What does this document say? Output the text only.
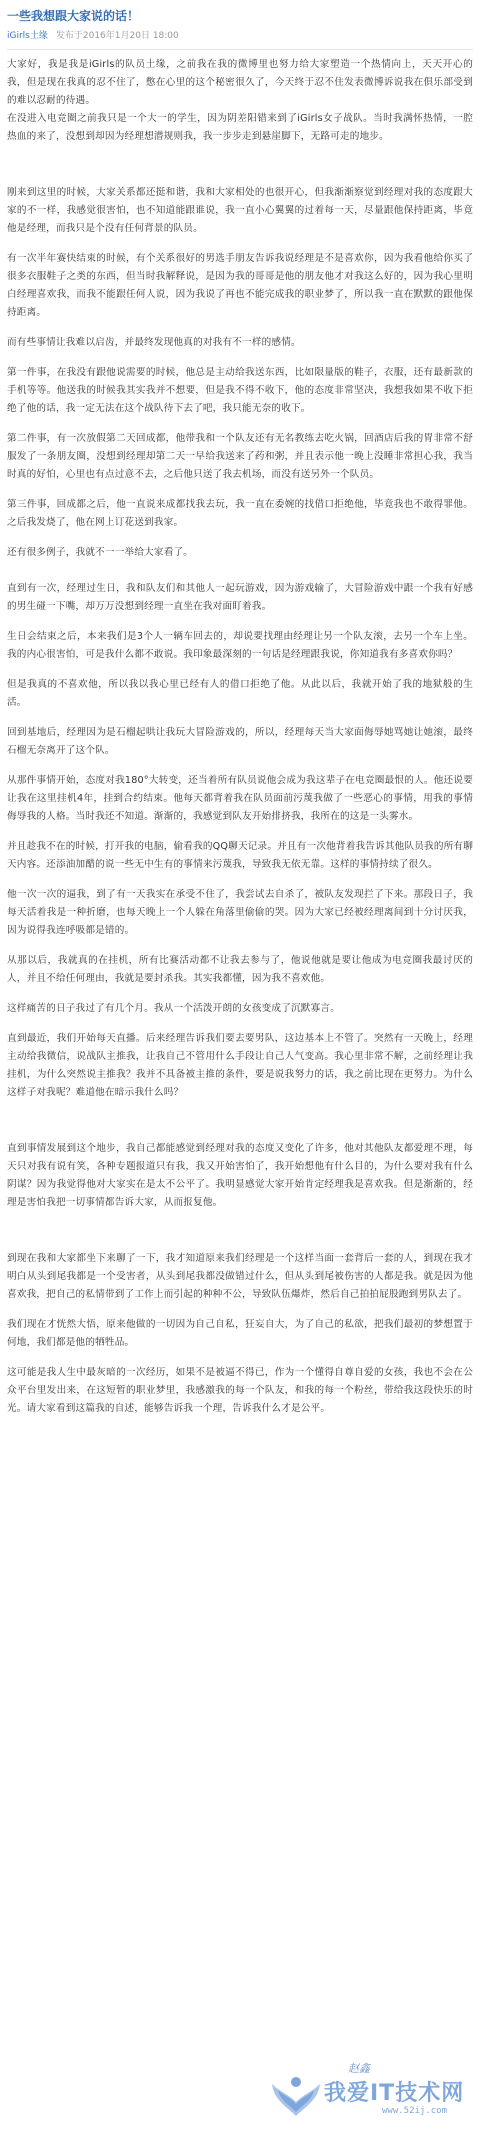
一些我想跟大家说的话！
iGirls土缘 发布于2016年1月20日 18:00

大家好，我是我是iGirls的队员土缘，之前我在我的微博里也努力给大家塑造一个热情向上，天天开心的我，但是现在我真的忍不住了，憋在心里的这个秘密很久了，今天终于忍不住发表微博诉说我在俱乐部受到的难以忍耐的待遇。

在没进入电竞圈之前我只是一个大一的学生，因为阴差阳错来到了iGirls女子战队。当时我满怀热情，一腔热血的来了，没想到却因为经理想潜规则我，我一步步走到悬崖脚下，无路可走的地步。

刚来到这里的时候，大家关系都还挺和谐，我和大家相处的也很开心，但我渐渐察觉到经理对我的态度跟大家的不一样，我感觉很害怕，也不知道能跟谁说，我一直小心翼翼的过着每一天，尽量跟他保持距离，毕竟他是经理，而我只是个没有任何背景的队员。

有一次半年赛快结束的时候，有个关系很好的男选手朋友告诉我说经理是不是喜欢你，因为我看他给你买了很多衣服鞋子之类的东西，但当时我解释说，是因为我的哥哥是他的朋友他才对我这么好的，因为我心里明白经理喜欢我，而我不能跟任何人说，因为我说了再也不能完成我的职业梦了，所以我一直在默默的跟他保持距离。

而有些事情让我难以启齿，并最终发现他真的对我有不一样的感情。

第一件事，在我没有跟他说需要的时候，他总是主动给我送东西，比如限量版的鞋子，衣服，还有最新款的手机等等。他送我的时候我其实我并不想要，但是我不得不收下，他的态度非常坚决，我想我如果不收下拒绝了他的话，我一定无法在这个战队待下去了吧，我只能无奈的收下。

第二件事，有一次放假第二天回成都，他带我和一个队友还有无名教练去吃火锅，回酒店后我的胃非常不舒服发了一条朋友圈，没想到经理却第二天一早给我送来了药和粥，并且表示他一晚上没睡非常担心我，我当时真的好怕，心里也有点过意不去，之后他只送了我去机场，而没有送另外一个队员。

第三件事，回成都之后，他一直说来成都找我去玩，我一直在委婉的找借口拒绝他，毕竟我也不敢得罪他。之后我发烧了，他在网上订花送到我家。

还有很多例子，我就不一一举给大家看了。

直到有一次，经理过生日，我和队友们和其他人一起玩游戏，因为游戏输了，大冒险游戏中跟一个我有好感的男生碰一下嘴，却万万没想到经理一直坐在我对面盯着我。

生日会结束之后，本来我们是3个人一辆车回去的，却说要找理由经理让另一个队友滚，去另一个车上坐。我的内心很害怕，可是我什么都不敢说。我印象最深刻的一句话是经理跟我说，你知道我有多喜欢你吗？

但是我真的不喜欢他，所以我以我心里已经有人的借口拒绝了他。从此以后，我就开始了我的地狱般的生活。

回到基地后，经理因为是石榴起哄让我玩大冒险游戏的，所以，经理每天当大家面侮辱她骂她让她滚，最终石榴无奈离开了这个队。

从那件事情开始，态度对我180°大转变，还当着所有队员说他会成为我这辈子在电竞圈最恨的人。他还说要让我在这里挂机4年，挂到合约结束。他每天都背着我在队员面前污蔑我做了一些恶心的事情，用我的事情侮辱我的人格。当时我还不知道。渐渐的，我感觉到队友开始排挤我，我所在的这是一头雾水。

并且趁我不在的时候，打开我的电脑，偷看我的QQ聊天记录。并且有一次他背着我告诉其他队员我的所有聊天内容。还添油加醋的说一些无中生有的事情来污蔑我，导致我无依无靠。这样的事情持续了很久。

他一次一次的逼我，到了有一天我实在承受不住了，我尝试去自杀了，被队友发现拦了下来。那段日子，我每天活着我是一种折磨，也每天晚上一个人躲在角落里偷偷的哭。因为大家已经被经理离间到十分讨厌我，因为说得我连呼吸都是错的。

从那以后，我就真的在挂机，所有比赛活动都不让我去参与了，他说他就是要让他成为电竞圈我最讨厌的人，并且不给任何理由，我就是要封杀我。其实我都懂，因为我不喜欢他。

这样痛苦的日子我过了有几个月。我从一个活泼开朗的女孩变成了沉默寡言。

直到最近，我们开始每天直播。后来经理告诉我们要去要男队，这边基本上不管了。突然有一天晚上，经理主动给我微信，说战队主推我，让我自己不管用什么手段让自己人气变高。我心里非常不解，之前经理让我挂机，为什么突然说主推我？我并不具备被主推的条件，要是说我努力的话，我之前比现在更努力。为什么这样子对我呢？难道他在暗示我什么吗？

直到事情发展到这个地步，我自己都能感觉到经理对我的态度又变化了许多，他对其他队友都爱理不理，每天只对我有说有笑，各种专题报道只有我，我又开始害怕了，我开始想他有什么目的，为什么要对我有什么阴谋？因为我觉得他对大家实在是太不公平了。我明显感觉大家开始肯定经理我是喜欢我。但是渐渐的，经理是害怕我把一切事情都告诉大家，从而报复他。

到现在我和大家都坐下来聊了一下，我才知道原来我们经理是一个这样当面一套背后一套的人，到现在我才明白从头到尾我都是一个受害者，从头到尾我都没做错过什么，但从头到尾被伤害的人都是我。就是因为他喜欢我，把自己的私情带到了工作上而引起的种种不公，导致队伍爆炸，然后自己拍拍屁股跑到男队去了。

我们现在才恍然大悟，原来他做的一切因为自己自私，狂妄自大，为了自己的私欲，把我们最初的梦想置于何地，我们都是他的牺牲品。

这可能是我人生中最灰暗的一次经历，如果不是被逼不得已，作为一个懂得自尊自爱的女孩，我也不会在公众平台里发出来，在这短暂的职业梦里，我感激我的每一个队友，和我的每一个粉丝，带给我这段快乐的时光。请大家看到这篇我的自述，能够告诉我一个理，告诉我什么才是公平。

赵鑫
我爱IT技术网
www.52ij.com
